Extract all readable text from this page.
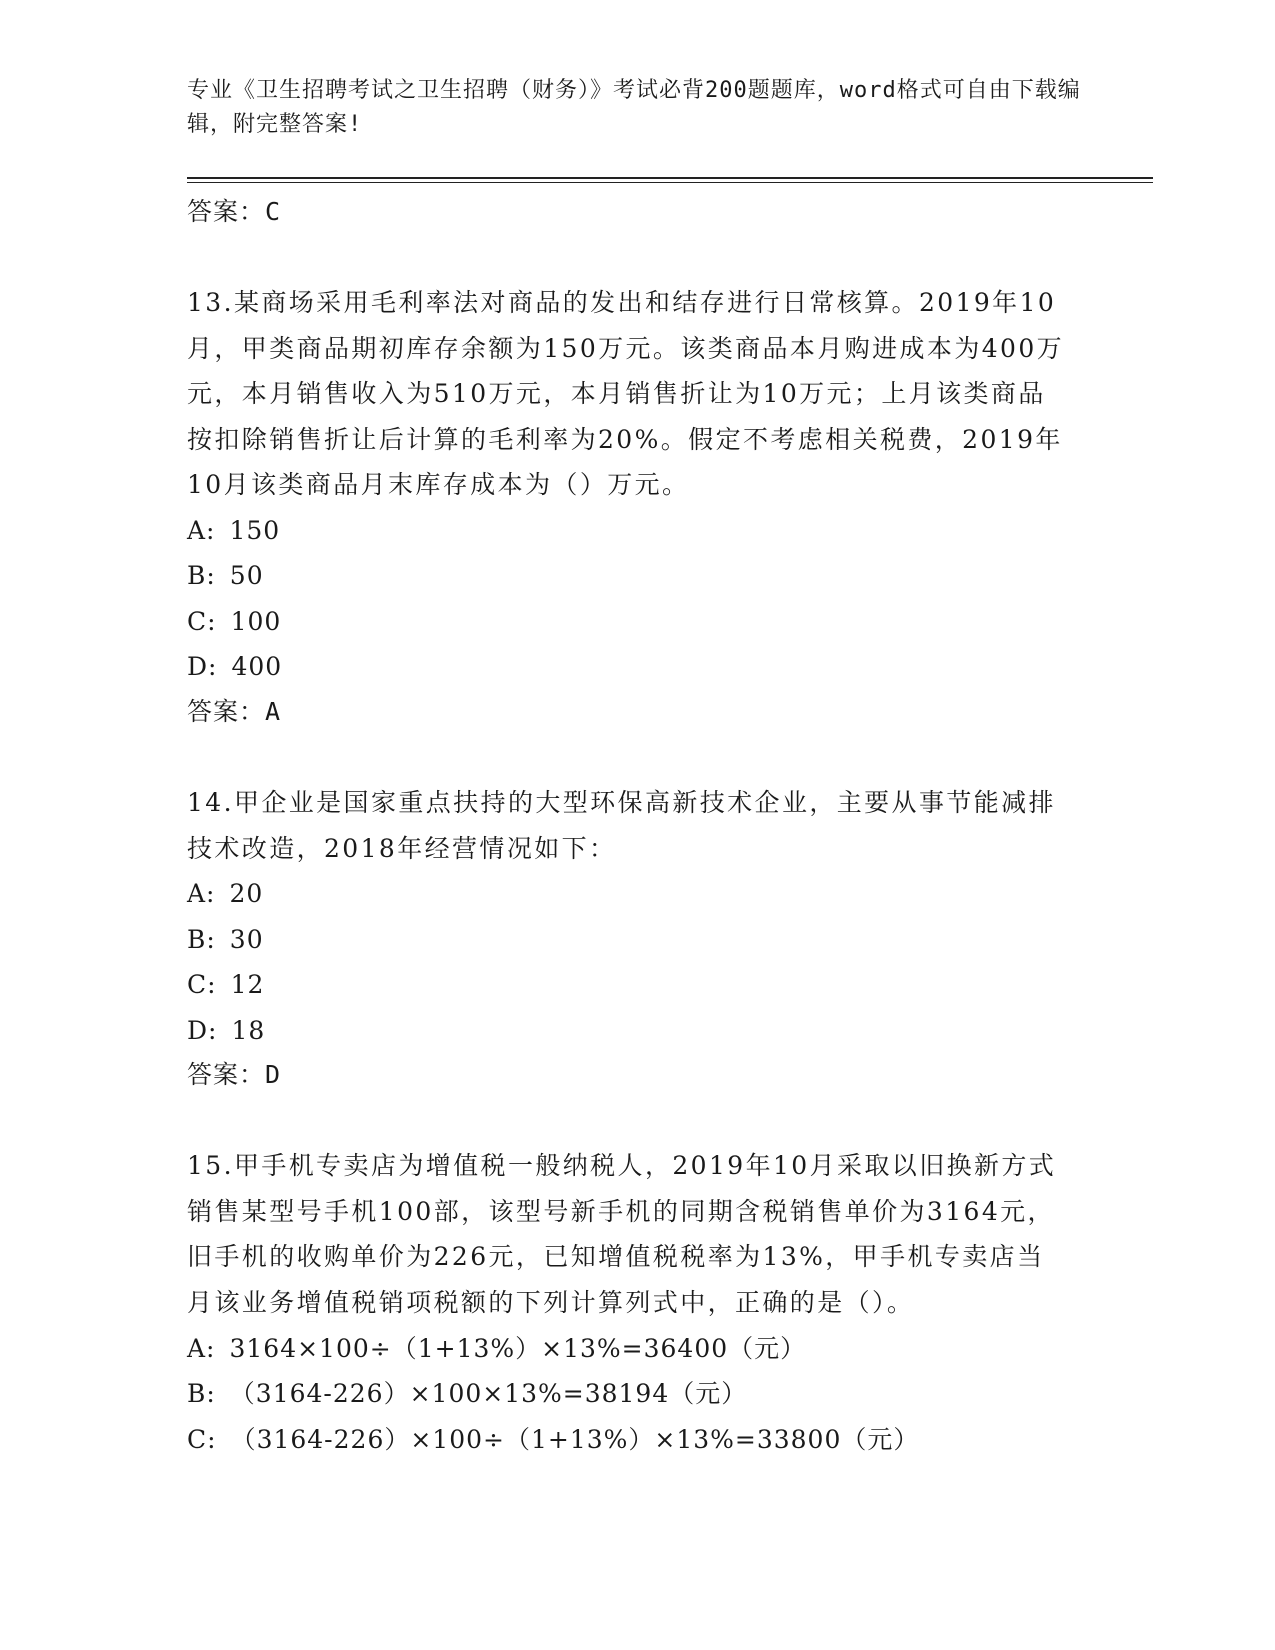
专业《卫生招聘考试之卫生招聘（财务）》考试必背200题题库，word格式可自由下载编辑，附完整答案!
答案：C
13.某商场采用毛利率法对商品的发出和结存进行日常核算。2019年10月，甲类商品期初库存余额为150万元。该类商品本月购进成本为400万元，本月销售收入为510万元，本月销售折让为10万元；上月该类商品按扣除销售折让后计算的毛利率为20%。假定不考虑相关税费，2019年10月该类商品月末库存成本为（）万元。
A: 150
B: 50
C: 100
D: 400
答案：A
14.甲企业是国家重点扶持的大型环保高新技术企业，主要从事节能减排技术改造，2018年经营情况如下：
A: 20
B: 30
C: 12
D: 18
答案：D
15.甲手机专卖店为增值税一般纳税人，2019年10月采取以旧换新方式销售某型号手机100部，该型号新手机的同期含税销售单价为3164元，旧手机的收购单价为226元，已知增值税税率为13%，甲手机专卖店当月该业务增值税销项税额的下列计算列式中，正确的是（）。
A: 3164×100÷（1+13%）×13%=36400（元）
B: （3164-226）×100×13%=38194（元）
C: （3164-226）×100÷（1+13%）×13%=33800（元）
